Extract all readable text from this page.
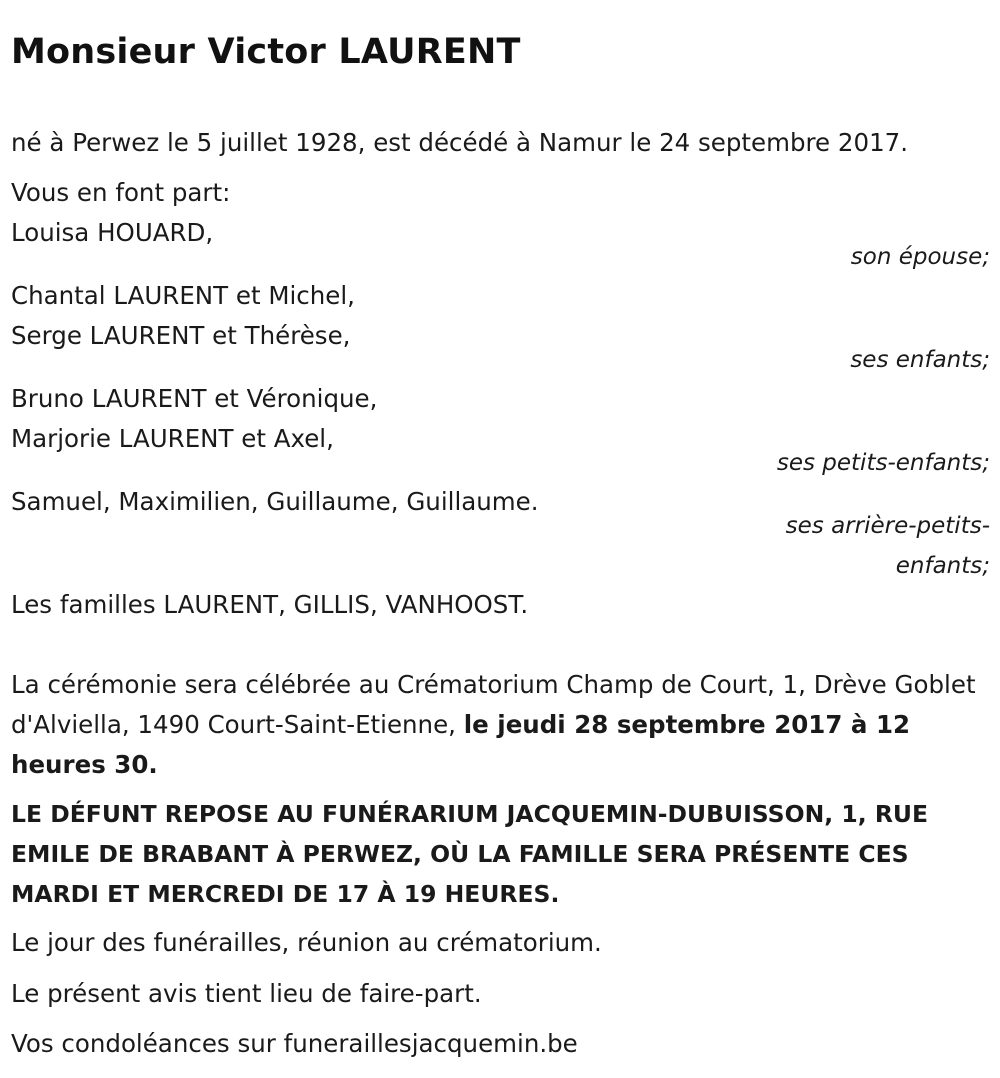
Monsieur Victor LAURENT

né à Perwez le 5 juillet 1928, est décédé à Namur le 24 septembre 2017.

Vous en font part:

Louisa HOUARD,

son épouse;

Chantal LAURENT et Michel,

Serge LAURENT et Thérèse,

ses enfants;

Bruno LAURENT et Véronique,

Marjorie LAURENT et Axel,

ses petits-enfants;

Samuel, Maximilien, Guillaume, Guillaume.

ses arrière-petits-

enfants;

Les familles LAURENT, GILLIS, VANHOOST.

La cérémonie sera célébrée au Crématorium Champ de Court, 1, Drève Goblet d'Alviella, 1490 Court-Saint-Etienne, le jeudi 28 septembre 2017 à 12 heures 30.

LE DÉFUNT REPOSE AU FUNÉRARIUM JACQUEMIN-DUBUISSON, 1, RUE EMILE DE BRABANT À PERWEZ, OÙ LA FAMILLE SERA PRÉSENTE CES MARDI ET MERCREDI DE 17 À 19 HEURES.

Le jour des funérailles, réunion au crématorium.

Le présent avis tient lieu de faire-part.

Vos condoléances sur funeraillesjacquemin.be
